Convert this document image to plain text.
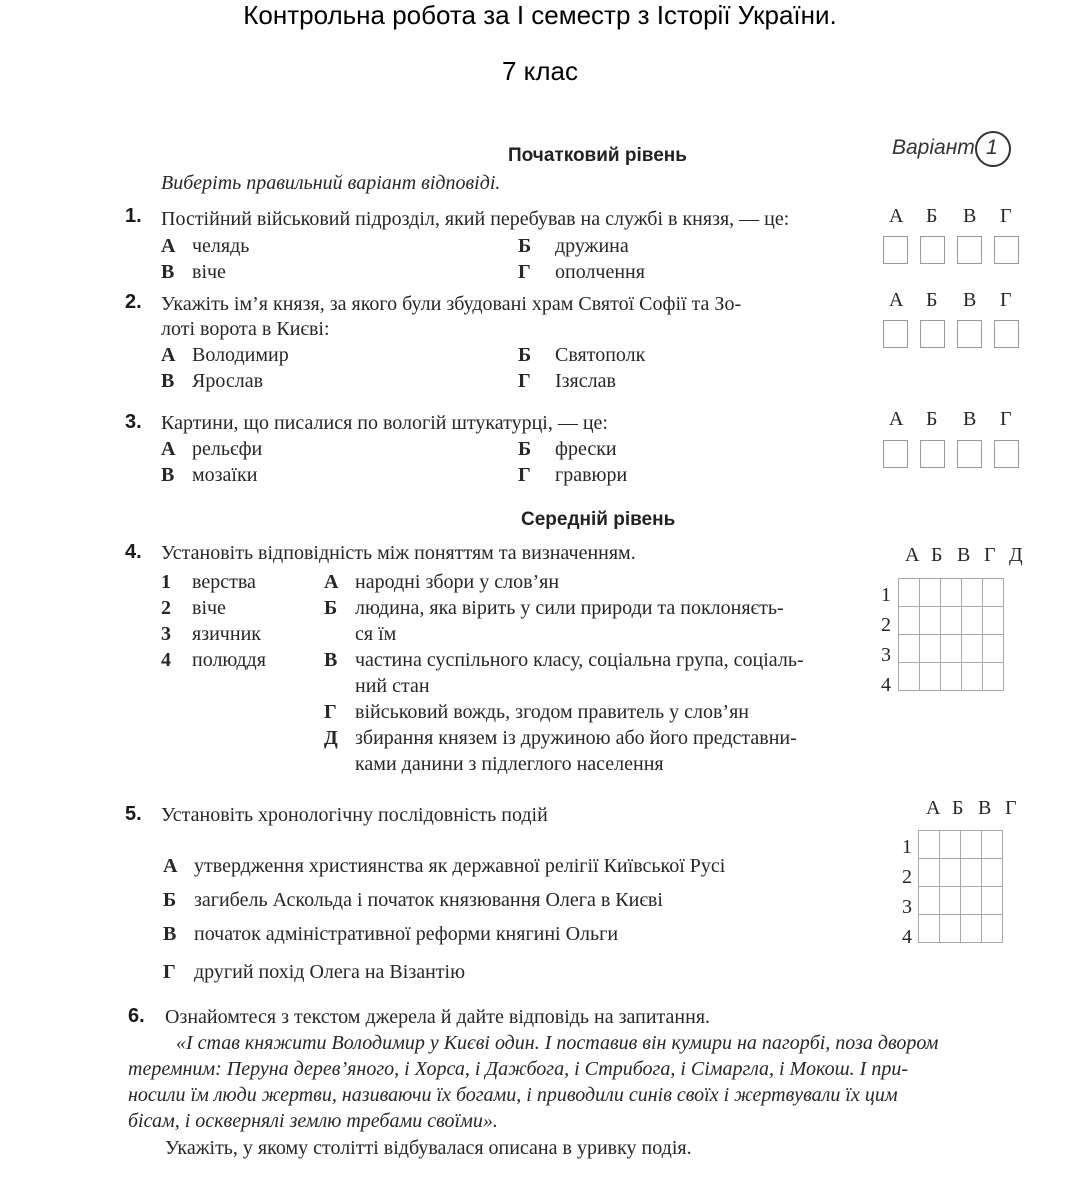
Контрольна робота за I семестр з Історії України.
7 клас
Варіант 1
Початковий рівень
Виберіть правильний варіант відповіді.
1. Постійний військовий підрозділ, який перебував на службі в князя, — це:
А челядь	Б дружина
В віче	Г ополчення
А Б В Г
2. Укажіть ім’я князя, за якого були збудовані храм Святої Софії та Зо-
лоті ворота в Києві:
А Володимир	Б Святополк
В Ярослав	Г Ізяслав
А Б В Г
3. Картини, що писалися по вологій штукатурці, — це:
А рельєфи	Б фрески
В мозаїки	Г гравюри
А Б В Г
Середній рівень
4. Установіть відповідність між поняттям та визначенням.
1 верства
2 віче
3 язичник
4 полюддя
А народні збори у слов’ян
Б людина, яка вірить у сили природи та поклоняєть-
ся їм
В частина суспільного класу, соціальна група, соціаль-
ний стан
Г військовий вождь, згодом правитель у слов’ян
Д збирання князем із дружиною або його представни-
ками данини з підлеглого населення
А Б В Г Д
1
2
3
4

5. Установіть хронологічну послідовність подій
А утвердження християнства як державної релігії Київської Русі
Б загибель Аскольда і початок князювання Олега в Києві
В початок адміністративної реформи княгині Ольги
Г другий похід Олега на Візантію
А Б В Г
1
2
3
4

6. Ознайомтеся з текстом джерела й дайте відповідь на запитання.
«І став княжити Володимир у Києві один. І поставив він кумири на пагорбі, поза двором
теремним: Перуна дерев’яного, і Хорса, і Дажбога, і Стрибога, і Сімаргла, і Мокош. І при-
носили їм люди жертви, називаючи їх богами, і приводили синів своїх і жертвували їх цим
бісам, і осквернялі землю требами своїми».
Укажіть, у якому столітті відбувалася описана в уривку подія.
